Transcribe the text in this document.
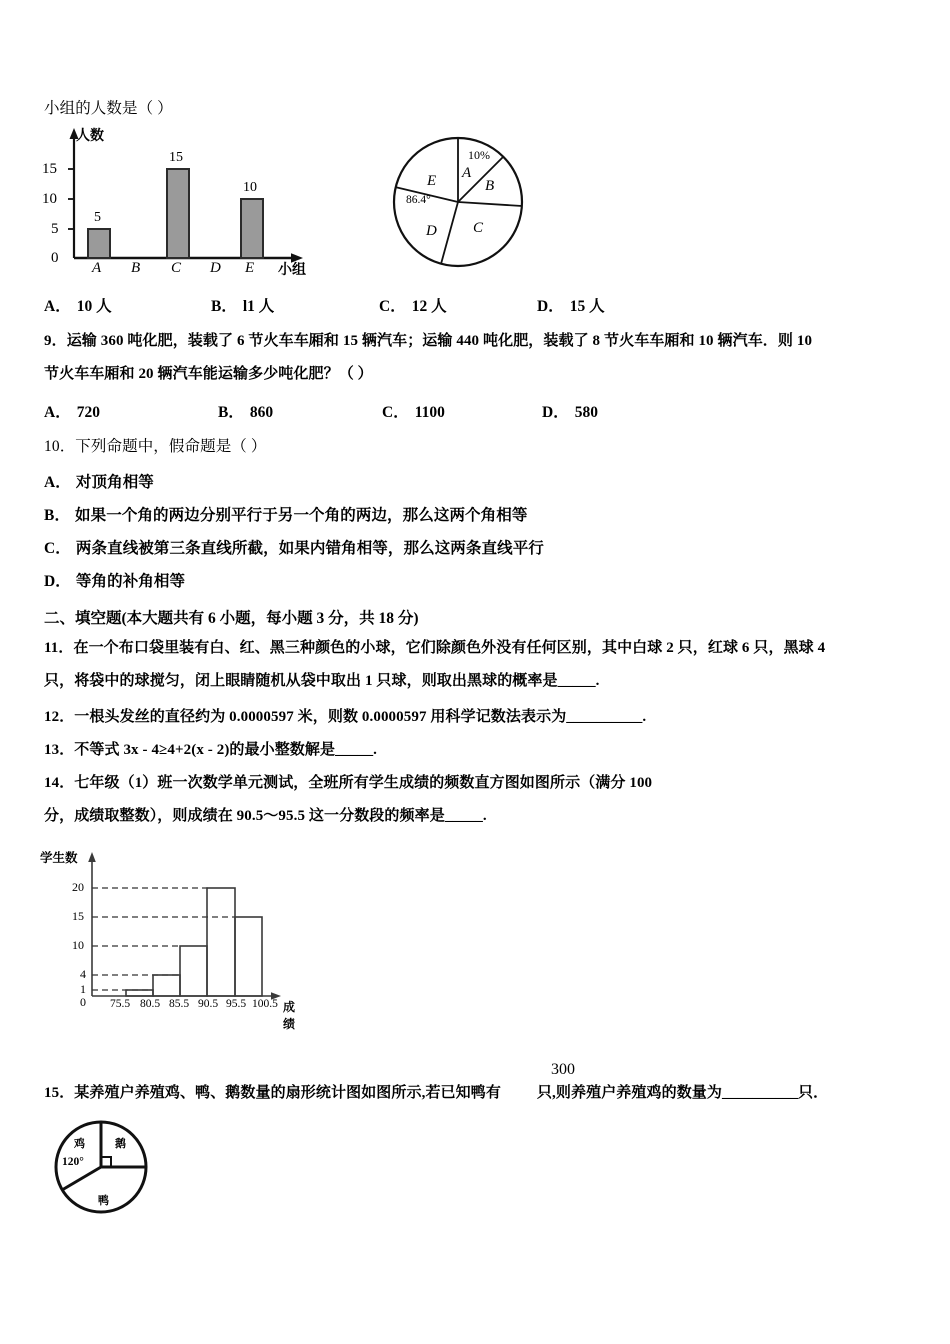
小组的人数是（ ）
人数
15
10
5
0
5
15
10
A B C D E 小组
10%
A
B
C
D
E
86.4°
A． 10 人	B． l1 人	C． 12 人	D． 15 人
9．运输 360 吨化肥，装载了 6 节火车车厢和 15 辆汽车；运输 440 吨化肥，装载了 8 节火车车厢和 10 辆汽车．则 10
节火车车厢和 20 辆汽车能运输多少吨化肥？（ ）
A． 720	B． 860	C． 1100	D． 580
10．下列命题中，假命题是（ ）
A． 对顶角相等
B． 如果一个角的两边分别平行于另一个角的两边，那么这两个角相等
C． 两条直线被第三条直线所截，如果内错角相等，那么这两条直线平行
D． 等角的补角相等
二、填空题(本大题共有 6 小题，每小题 3 分，共 18 分)
11．在一个布口袋里装有白、红、黑三种颜色的小球，它们除颜色外没有任何区别，其中白球 2 只，红球 6 只，黑球 4
只，将袋中的球搅匀，闭上眼睛随机从袋中取出 1 只球，则取出黑球的概率是_____.
12．一根头发丝的直径约为 0.0000597 米，则数 0.0000597 用科学记数法表示为__________.
13．不等式 3x - 4≥4+2(x - 2)的最小整数解是_____.
14．七年级（1）班一次数学单元测试，全班所有学生成绩的频数直方图如图所示（满分 100
分，成绩取整数），则成绩在 90.5～95.5 这一分数段的频率是_____.
学生数
20
15
10
4
1
0 75.5 80.5 85.5 90.5 95.5 100.5 成绩
300
15．某养殖户养殖鸡、鸭、鹅数量的扇形统计图如图所示,若已知鸭有 只,则养殖户养殖鸡的数量为__________只．
鸡	鹅
鸭
120°
